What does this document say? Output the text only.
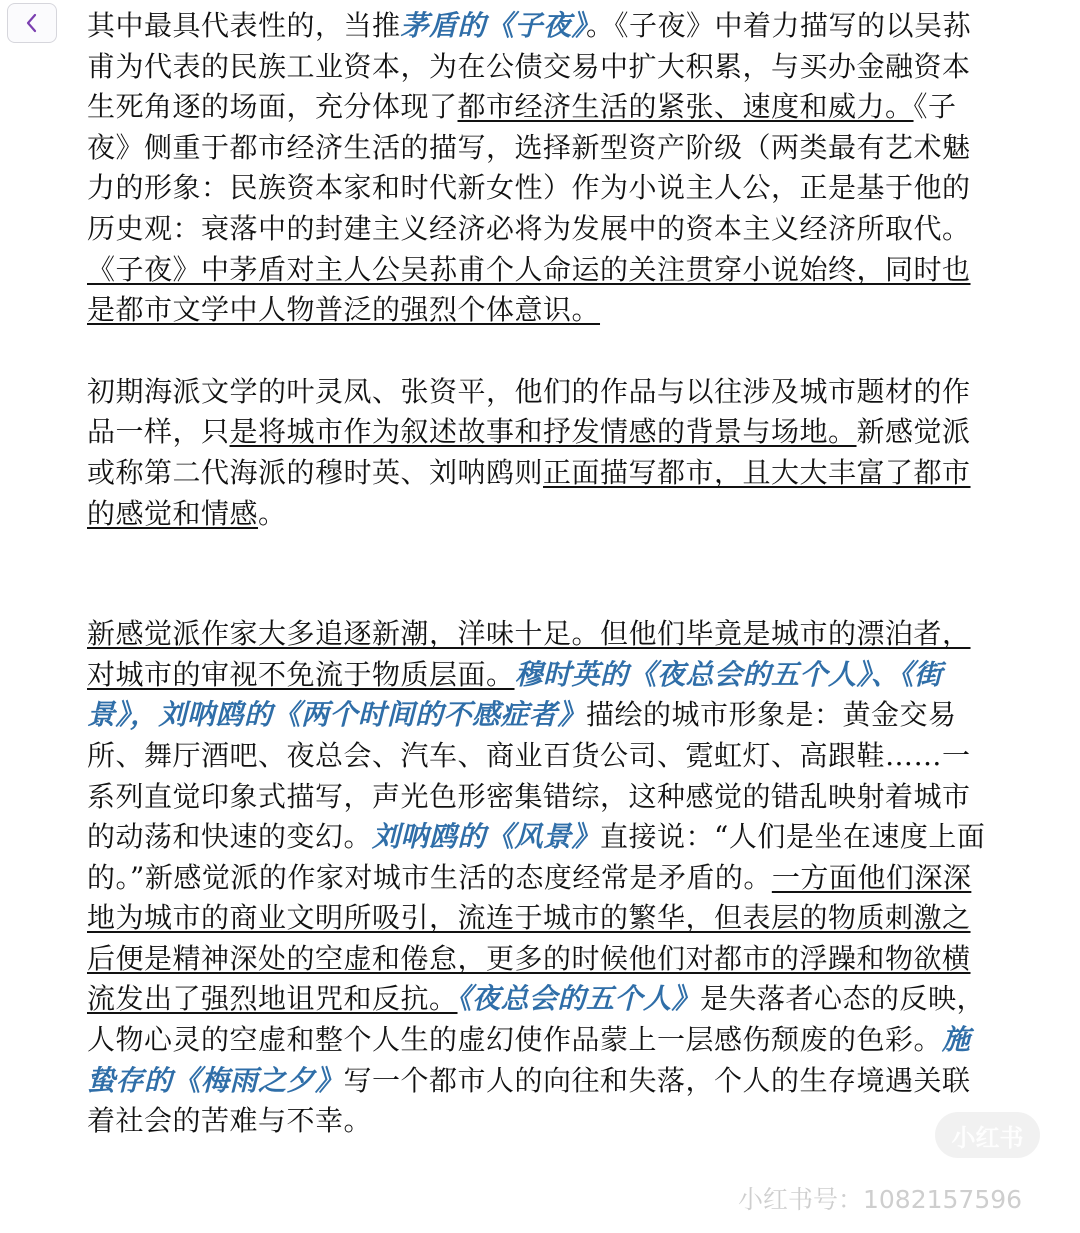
其中最具代表性的，当推茅盾的《子夜》。《子夜》中着力描写的以吴荪甫为代表的民族工业资本，为在公债交易中扩大积累，与买办金融资本生死角逐的场面，充分体现了都市经济生活的紧张、速度和威力。《子夜》侧重于都市经济生活的描写，选择新型资产阶级（两类最有艺术魅力的形象：民族资本家和时代新女性）作为小说主人公，正是基于他的历史观：衰落中的封建主义经济必将为发展中的资本主义经济所取代。《子夜》中茅盾对主人公吴荪甫个人命运的关注贯穿小说始终，同时也是都市文学中人物普泛的强烈个体意识。

初期海派文学的叶灵凤、张资平，他们的作品与以往涉及城市题材的作品一样，只是将城市作为叙述故事和抒发情感的背景与场地。新感觉派或称第二代海派的穆时英、刘呐鸥则正面描写都市，且大大丰富了都市的感觉和情感。

新感觉派作家大多追逐新潮，洋味十足。但他们毕竟是城市的漂泊者，对城市的审视不免流于物质层面。穆时英的《夜总会的五个人》、《街景》，刘呐鸥的《两个时间的不感症者》描绘的城市形象是：黄金交易所、舞厅酒吧、夜总会、汽车、商业百货公司、霓虹灯、高跟鞋……一系列直觉印象式描写，声光色形密集错综，这种感觉的错乱映射着城市的动荡和快速的变幻。刘呐鸥的《风景》直接说：“人们是坐在速度上面的。”新感觉派的作家对城市生活的态度经常是矛盾的。一方面他们深深地为城市的商业文明所吸引，流连于城市的繁华，但表层的物质刺激之后便是精神深处的空虚和倦怠，更多的时候他们对都市的浮躁和物欲横流发出了强烈地诅咒和反抗。《夜总会的五个人》是失落者心态的反映，人物心灵的空虚和整个人生的虚幻使作品蒙上一层感伤颓废的色彩。施蛰存的《梅雨之夕》写一个都市人的向往和失落，个人的生存境遇关联着社会的苦难与不幸。

小红书
小红书号：1082157596
